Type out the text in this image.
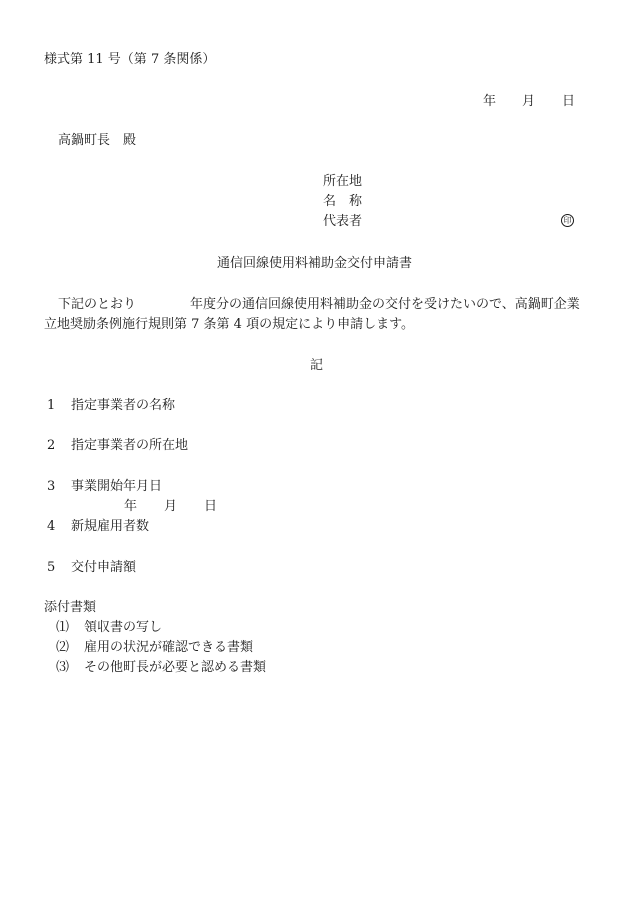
様式第 11 号（第 7 条関係）
年 月 日
高鍋町長　殿
所在地
名　称
代表者	印
通信回線使用料補助金交付申請書
下記のとおり	年度分の通信回線使用料補助金の交付を受けたいので、高鍋町企業
立地奨励条例施行規則第 7 条第 4 項の規定により申請します。
記
1 指定事業者の名称
2 指定事業者の所在地
3 事業開始年月日
年 月 日
4 新規雇用者数
5 交付申請額
添付書類
⑴ 領収書の写し
⑵ 雇用の状況が確認できる書類
⑶ その他町長が必要と認める書類
